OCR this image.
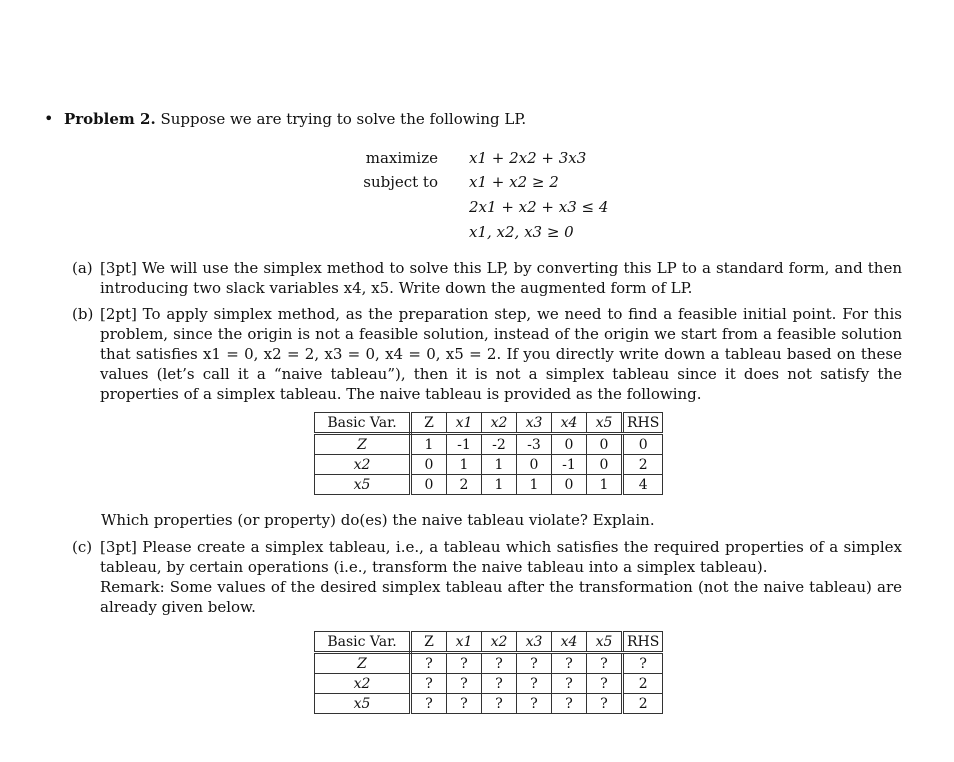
• Problem 2. Suppose we are trying to solve the following LP.
maximize x1 + 2x2 + 3x3
subject to x1 + x2 ≥ 2
2x1 + x2 + x3 ≤ 4
x1, x2, x3 ≥ 0
(a) [3pt] We will use the simplex method to solve this LP, by converting this LP to a standard form, and then introducing two slack variables x4, x5. Write down the augmented form of LP.
(b) [2pt] To apply simplex method, as the preparation step, we need to find a feasible initial point. For this problem, since the origin is not a feasible solution, instead of the origin we start from a feasible solution that satisfies x1 = 0, x2 = 2, x3 = 0, x4 = 0, x5 = 2. If you directly write down a tableau based on these values (let’s call it a “naive tableau”), then it is not a simplex tableau since it does not satisfy the properties of a simplex tableau. The naive tableau is provided as the following.
Basic Var.	Z	x1	x2	x3	x4	x5	RHS
Z	1	-1	-2	-3	0	0	0
x2	0	1	1	0	-1	0	2
x5	0	2	1	1	0	1	4
Which properties (or property) do(es) the naive tableau violate? Explain.
(c) [3pt] Please create a simplex tableau, i.e., a tableau which satisfies the required properties of a simplex tableau, by certain operations (i.e., transform the naive tableau into a simplex tableau).
Remark: Some values of the desired simplex tableau after the transformation (not the naive tableau) are already given below.
Basic Var.	Z	x1	x2	x3	x4	x5	RHS
Z	?	?	?	?	?	?	?
x2	?	?	?	?	?	?	2
x5	?	?	?	?	?	?	2
